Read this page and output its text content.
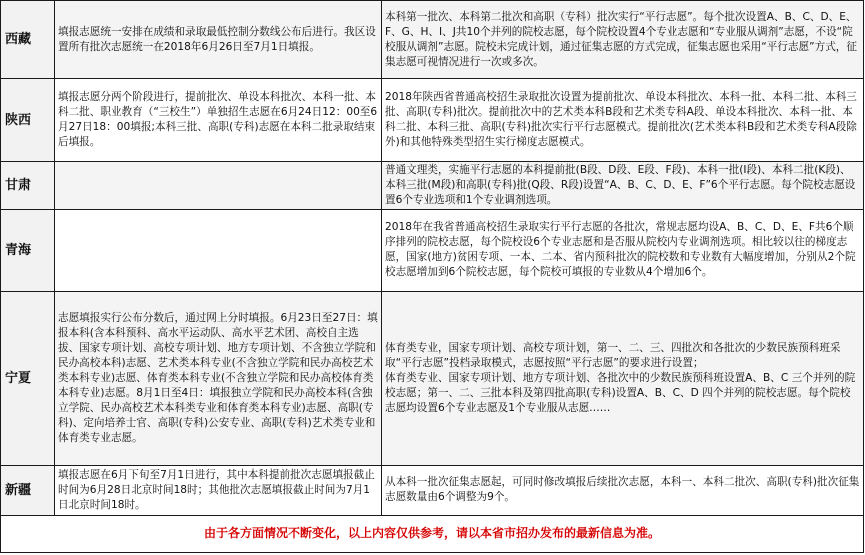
西藏	填报志愿统一安排在成绩和录取最低控制分数线公布后进行。我区设置所有批次志愿统一在2018年6月26日至7月1日填报。	本科第一批次、本科第二批次和高职（专科）批次实行“平行志愿”。每个批次设置A、B、C、D、E、F、G、H、I、J共10个并列的院校志愿，每个院校设置4个专业志愿和“专业服从调剂”志愿，不设“院校服从调剂”志愿。院校未完成计划，通过征集志愿的方式完成，征集志愿也采用“平行志愿”方式，征集志愿可视情况进行一次或多次。
陕西	填报志愿分两个阶段进行，提前批次、单设本科批次、本科一批、本科二批、职业教育（“三校生”）单独招生志愿在6月24日12：00至6月27日18：00填报;本科三批、高职(专科)志愿在本科二批录取结束后填报。	2018年陕西省普通高校招生录取批次设置为提前批次、单设本科批次、本科一批、本科二批、本科三批、高职(专科)批次。提前批次中的艺术类本科B段和艺术类专科A段、单设本科批次、本科一批、本科二批、本科三批、高职(专科)批次实行平行志愿模式。提前批次(艺术类本科B段和艺术类专科A段除外)和其他特殊类型招生实行梯度志愿模式。
甘肃		普通文理类，实施平行志愿的本科提前批(B段、D段、E段、F段)、本科一批(I段)、本科二批(K段)、本科三批(M段)和高职(专科)批(Q段、R段)设置“A、B、C、D、E、F”6个平行志愿。每个院校志愿设置6个专业选项和1个专业调剂选项。
青海		2018年在我省普通高校招生录取实行平行志愿的各批次，常规志愿均设A、B、C、D、E、F共6个顺序排列的院校志愿，每个院校设6个专业志愿和是否服从院校内专业调剂选项。相比较以往的梯度志愿，国家(地方)贫困专项、一本、二本、省内预科批次的院校数和专业数有大幅度增加，分别从2个院校志愿增加到6个院校志愿，每个院校可填报的专业数从4个增加6个。
宁夏	志愿填报实行公布分数后，通过网上分时填报。6月23日至27日：填报本科(含本科预科、高水平运动队、高水平艺术团、高校自主选拔、国家专项计划、高校专项计划、地方专项计划、不含独立学院和民办高校本科)志愿、艺术类本科专业(不含独立学院和民办高校艺术类本科专业)志愿、体育类本科专业(不含独立学院和民办高校体育类本科专业)志愿。8月1日至4日：填报独立学院和民办高校本科(含独立学院、民办高校艺术本科类专业和体育类本科专业)志愿、高职(专科)、定向培养士官、高职(专科)公安专业、高职(专科)艺术类专业和体育类专业志愿。	体育类专业，国家专项计划、高校专项计划，第一、二、三、四批次和各批次的少数民族预科班采取“平行志愿”投档录取模式，志愿按照“平行志愿”的要求进行设置；
体育类专业、国家专项计划、地方专项计划、各批次中的少数民族预科班设置A、B、C 三个并列的院校志愿；第一、二、三批本科及第四批高职(专科)设置A、B、C、D 四个并列的院校志愿。每个院校志愿均设置6个专业志愿及1个专业服从志愿……
新疆	填报志愿在6月下旬至7月1日进行，其中本科提前批次志愿填报截止时间为6月28日北京时间18时；其他批次志愿填报截止时间为7月1日北京时间18时。	从本科一批次征集志愿起，可同时修改填报后续批次志愿，本科一、本科二批次、高职(专科)批次征集志愿数量由6个调整为9个。
由于各方面情况不断变化，以上内容仅供参考，请以本省市招办发布的最新信息为准。		
